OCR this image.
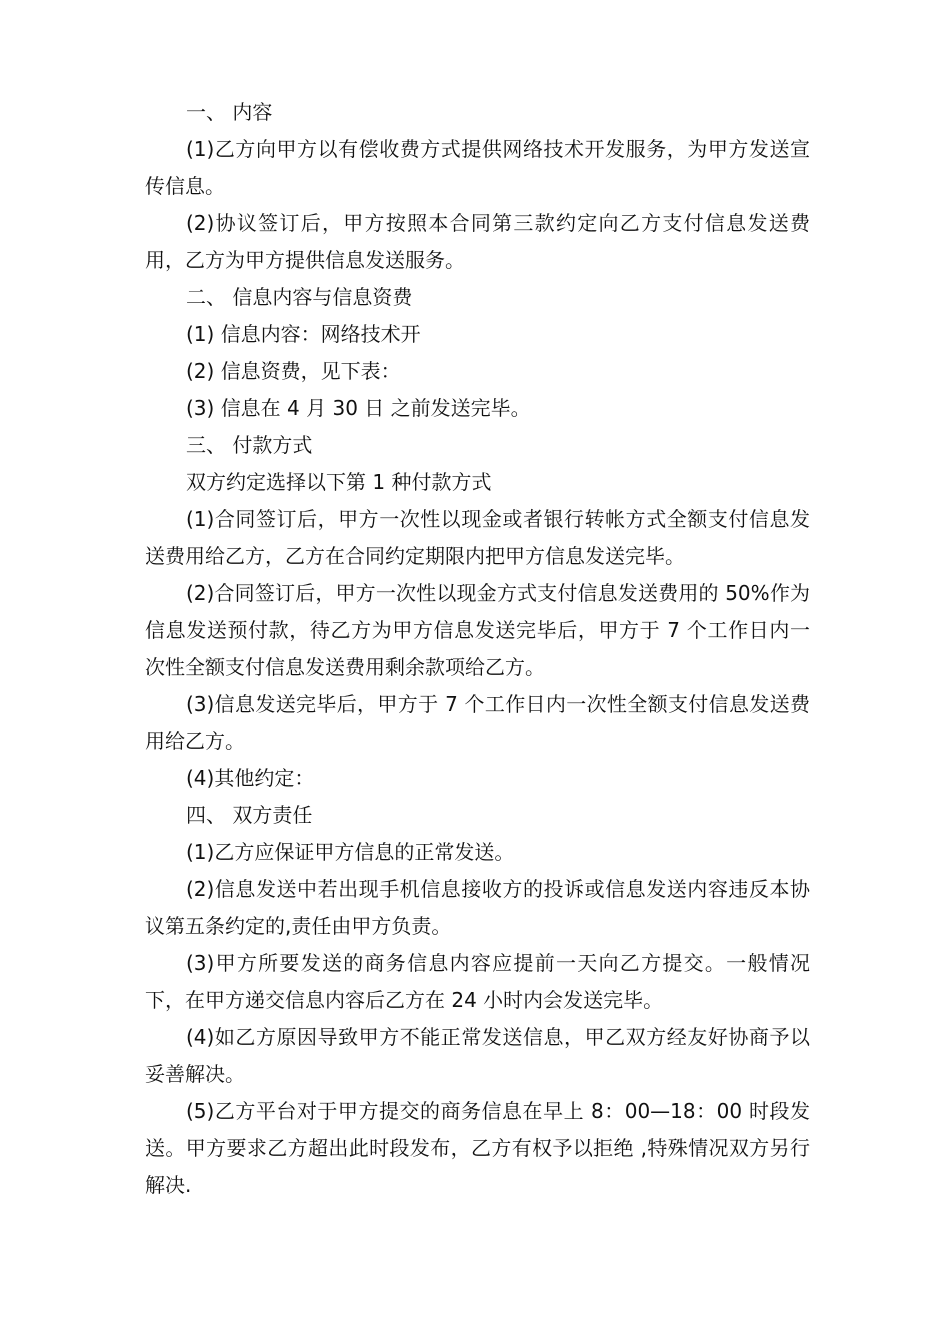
一、 内容

(1)乙方向甲方以有偿收费方式提供网络技术开发服务，为甲方发送宣传信息。

(2)协议签订后，甲方按照本合同第三款约定向乙方支付信息发送费用，乙方为甲方提供信息发送服务。

二、 信息内容与信息资费

(1) 信息内容：网络技术开

(2) 信息资费，见下表：

(3) 信息在 4 月 30 日 之前发送完毕。

三、 付款方式

双方约定选择以下第 1 种付款方式

(1)合同签订后，甲方一次性以现金或者银行转帐方式全额支付信息发送费用给乙方，乙方在合同约定期限内把甲方信息发送完毕。

(2)合同签订后，甲方一次性以现金方式支付信息发送费用的 50%作为信息发送预付款，待乙方为甲方信息发送完毕后，甲方于 7 个工作日内一次性全额支付信息发送费用剩余款项给乙方。

(3)信息发送完毕后，甲方于 7 个工作日内一次性全额支付信息发送费用给乙方。

(4)其他约定：

四、 双方责任

(1)乙方应保证甲方信息的正常发送。

(2)信息发送中若出现手机信息接收方的投诉或信息发送内容违反本协议第五条约定的,责任由甲方负责。

(3)甲方所要发送的商务信息内容应提前一天向乙方提交。一般情况下，在甲方递交信息内容后乙方在 24 小时内会发送完毕。

(4)如乙方原因导致甲方不能正常发送信息，甲乙双方经友好协商予以妥善解决。

(5)乙方平台对于甲方提交的商务信息在早上 8：00—18：00 时段发送。甲方要求乙方超出此时段发布，乙方有权予以拒绝 ,特殊情况双方另行解决.
